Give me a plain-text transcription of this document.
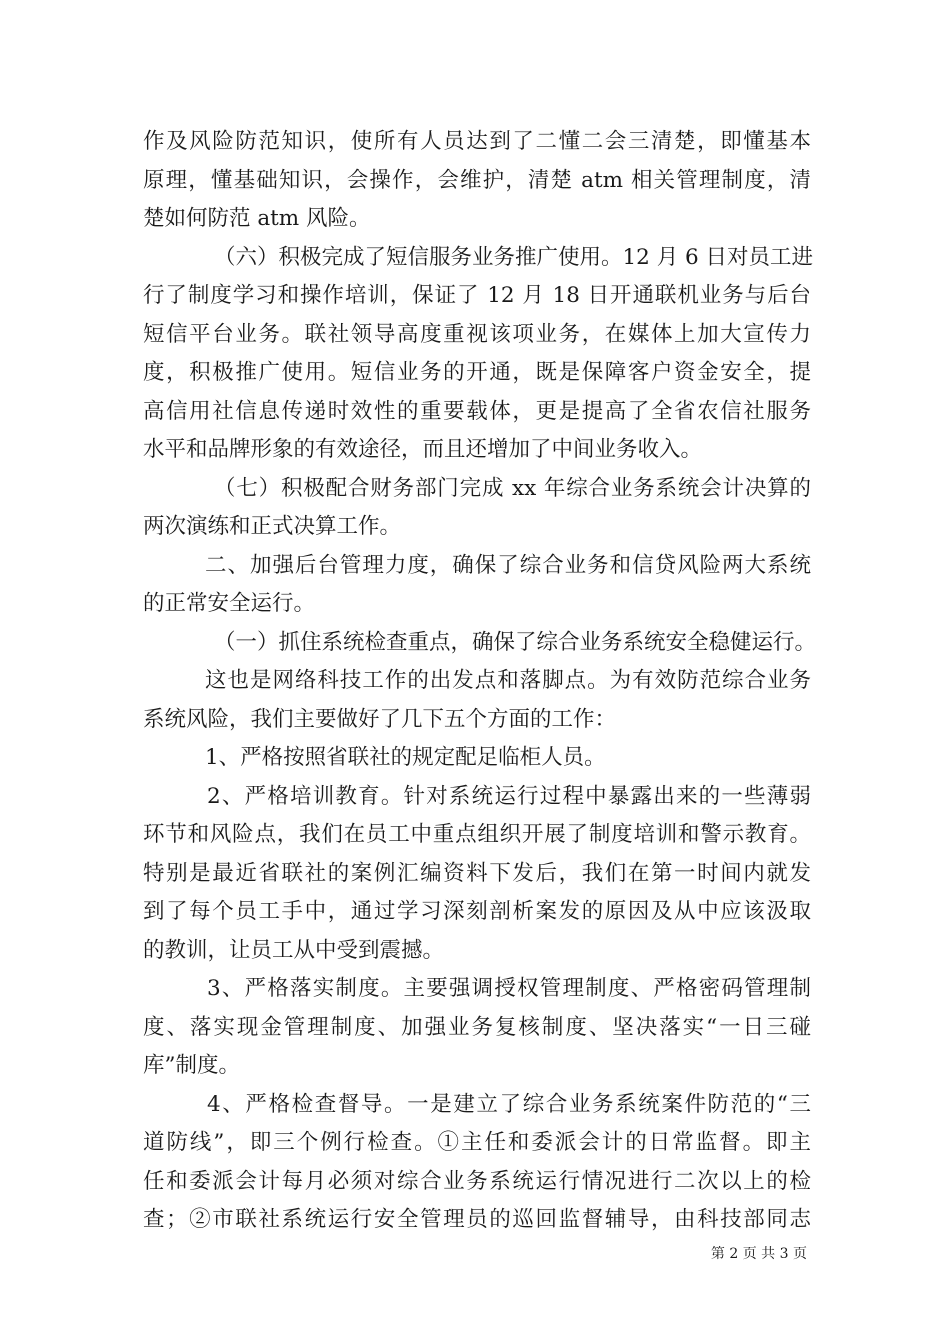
作及风险防范知识，使所有人员达到了二懂二会三清楚，即懂基本
原理，懂基础知识，会操作，会维护，清楚 atm 相关管理制度，清
楚如何防范 atm 风险。
（六）积极完成了短信服务业务推广使用。12 月 6 日对员工进
行了制度学习和操作培训，保证了 12 月 18 日开通联机业务与后台
短信平台业务。联社领导高度重视该项业务，在媒体上加大宣传力
度，积极推广使用。短信业务的开通，既是保障客户资金安全，提
高信用社信息传递时效性的重要载体，更是提高了全省农信社服务
水平和品牌形象的有效途径，而且还增加了中间业务收入。
（七）积极配合财务部门完成 xx 年综合业务系统会计决算的
两次演练和正式决算工作。
二、加强后台管理力度，确保了综合业务和信贷风险两大系统
的正常安全运行。
（一）抓住系统检查重点，确保了综合业务系统安全稳健运行。
这也是网络科技工作的出发点和落脚点。为有效防范综合业务
系统风险，我们主要做好了几下五个方面的工作：
1、严格按照省联社的规定配足临柜人员。
2、严格培训教育。针对系统运行过程中暴露出来的一些薄弱
环节和风险点，我们在员工中重点组织开展了制度培训和警示教育。
特别是最近省联社的案例汇编资料下发后，我们在第一时间内就发
到了每个员工手中，通过学习深刻剖析案发的原因及从中应该汲取
的教训，让员工从中受到震撼。
3、严格落实制度。主要强调授权管理制度、严格密码管理制
度、落实现金管理制度、加强业务复核制度、坚决落实“一日三碰
库”制度。
4、严格检查督导。一是建立了综合业务系统案件防范的“三
道防线”，即三个例行检查。①主任和委派会计的日常监督。即主
任和委派会计每月必须对综合业务系统运行情况进行二次以上的检
查；②市联社系统运行安全管理员的巡回监督辅导，由科技部同志
第 2 页 共 3 页
